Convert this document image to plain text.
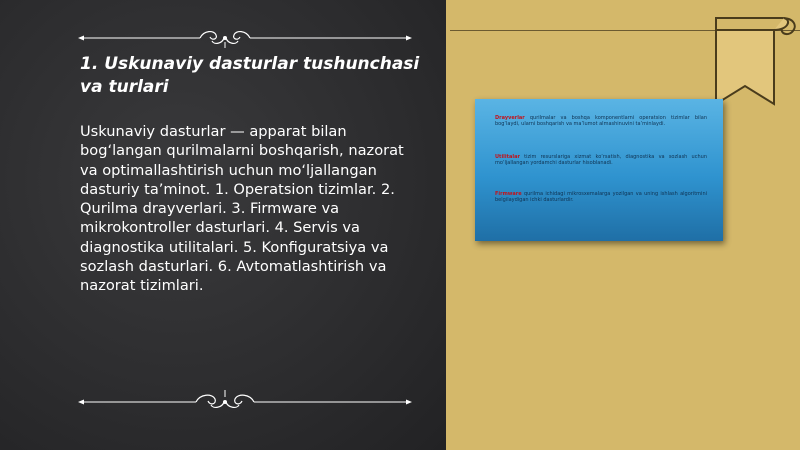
1. Uskunaviy dasturlar tushunchasi va turlari

Uskunaviy dasturlar — apparat bilan bog‘langan qurilmalarni boshqarish, nazorat va optimallashtirish uchun mo‘ljallangan dasturiy ta’minot. 1. Operatsion tizimlar. 2. Qurilma drayverlari. 3. Firmware va mikrokontroller dasturlari. 4. Servis va diagnostika utilitalari. 5. Konfiguratsiya va sozlash dasturlari. 6. Avtomatlashtirish va nazorat tizimlari.

Drayverlar qurilmalar va boshqa komponentlarni operatsion tizimlar bilan bog‘laydi, ularni boshqarish va ma’lumot almashinuvini ta’minlaydi.

Utilitalar tizim resurslariga xizmat ko‘rsatish, diagnostika va sozlash uchun mo‘ljallangan yordamchi dasturlar hisoblanadi.

Firmware qurilma ichidagi mikrosxemalarga yozilgan va uning ishlash algoritmini belgilaydigan ichki dasturlardir.
